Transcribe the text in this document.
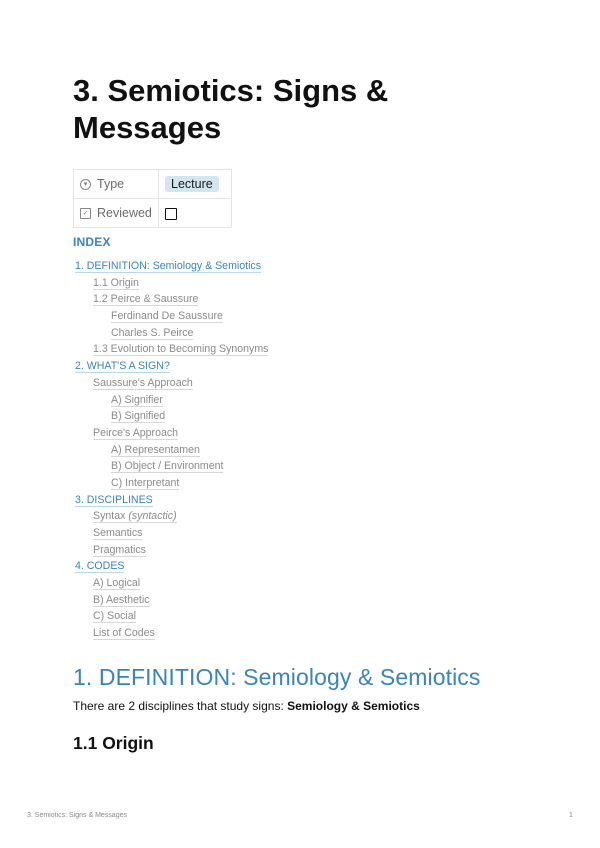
3. Semiotics: Signs & Messages
▾ Type	Lecture
✓ Reviewed	
INDEX
1. DEFINITION: Semiology & Semiotics
1.1 Origin
1.2 Peirce & Saussure
Ferdinand De Saussure
Charles S. Peirce
1.3 Evolution to Becoming Synonyms
2. WHAT'S A SIGN?
Saussure's Approach
A) Signifier
B) Signified
Peirce's Approach
A) Representamen
B) Object / Environment
C) Interpretant
3. DISCIPLINES
Syntax (syntactic)
Semantics
Pragmatics
4. CODES
A) Logical
B) Aesthetic
C) Social
List of Codes
1. DEFINITION: Semiology & Semiotics

There are 2 disciplines that study signs: Semiology & Semiotics

1.1 Origin
3. Semiotics: Signs & Messages	1
